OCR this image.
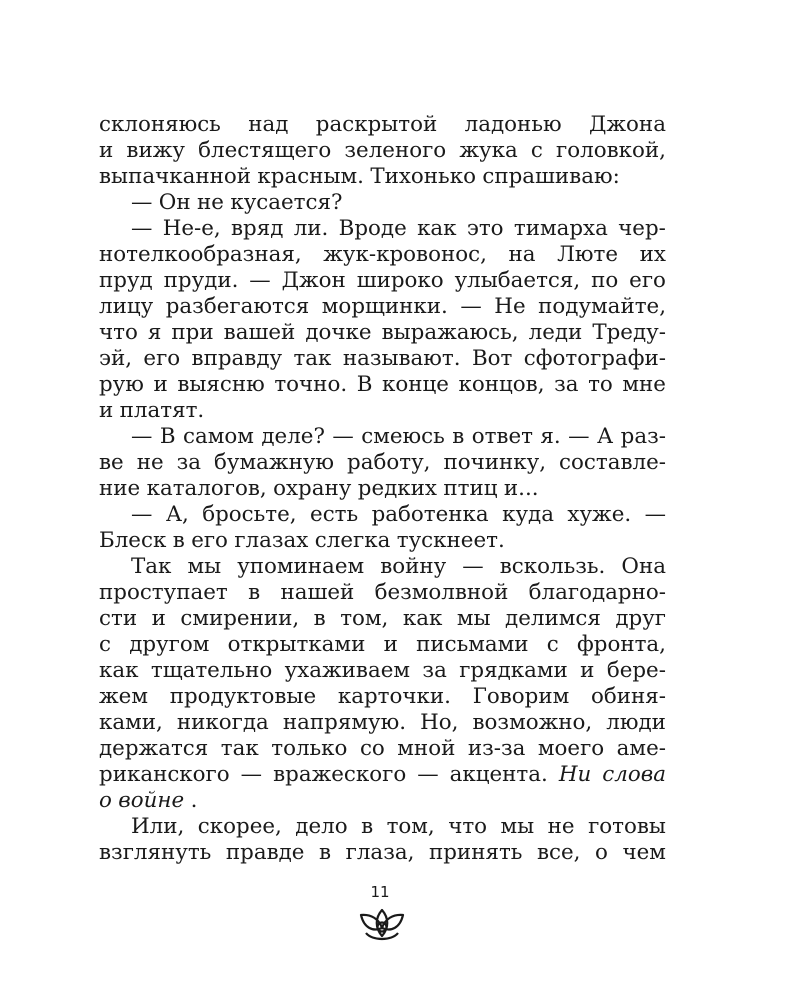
склоняюсь над раскрытой ладонью Джона
и вижу блестящего зеленого жука с головкой,
выпачканной красным. Тихонько спрашиваю:
— Он не кусается?
— Не-е, вряд ли. Вроде как это тимарха чер-
нотелкообразная, жук-кровонос, на Люте их
пруд пруди. — Джон широко улыбается, по его
лицу разбегаются морщинки. — Не подумайте,
что я при вашей дочке выражаюсь, леди Треду-
эй, его вправду так называют. Вот сфотографи-
рую и выясню точно. В конце концов, за то мне
и платят.
— В самом деле? — смеюсь в ответ я. — А раз-
ве не за бумажную работу, починку, составле-
ние каталогов, охрану редких птиц и...
— А, бросьте, есть работенка куда хуже. —
Блеск в его глазах слегка тускнеет.
Так мы упоминаем войну — вскользь. Она
проступает в нашей безмолвной благодарно-
сти и смирении, в том, как мы делимся друг
с другом открытками и письмами с фронта,
как тщательно ухаживаем за грядками и бере-
жем продуктовые карточки. Говорим обиня-
ками, никогда напрямую. Но, возможно, люди
держатся так только со мной из-за моего аме-
риканского — вражеского — акцента. Ни слова
о войне .
Или, скорее, дело в том, что мы не готовы
взглянуть правде в глаза, принять все, о чем
11
